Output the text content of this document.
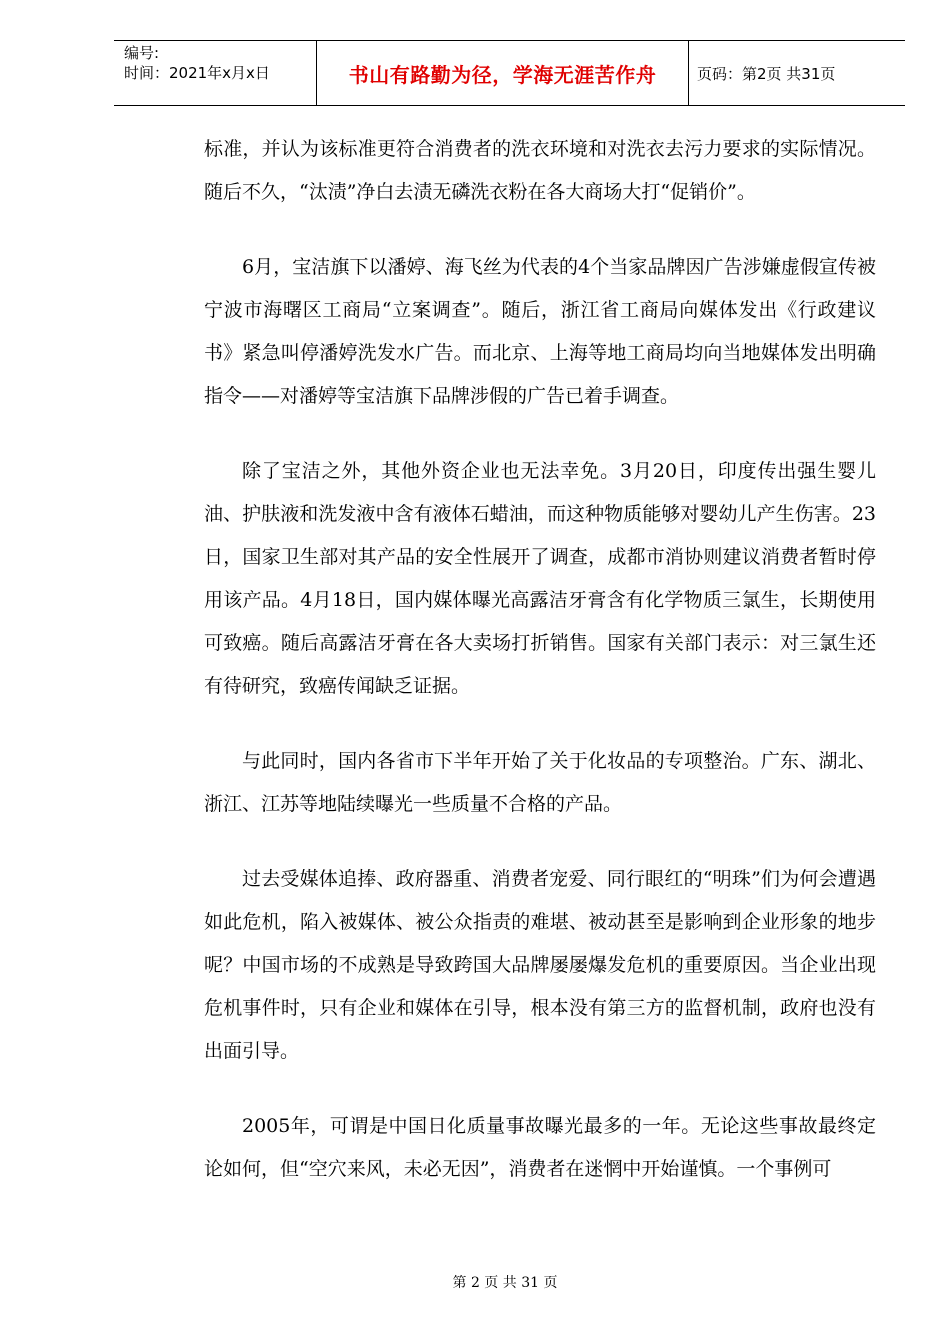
编号:
时间：2021年x月x日	书山有路勤为径，学海无涯苦作舟	页码：第2页 共31页

标准，并认为该标准更符合消费者的洗衣环境和对洗衣去污力要求的实际情况。随后不久，“汰渍”净白去渍无磷洗衣粉在各大商场大打“促销价”。

6月，宝洁旗下以潘婷、海飞丝为代表的4个当家品牌因广告涉嫌虚假宣传被宁波市海曙区工商局“立案调查”。随后，浙江省工商局向媒体发出《行政建议书》紧急叫停潘婷洗发水广告。而北京、上海等地工商局均向当地媒体发出明确指令——对潘婷等宝洁旗下品牌涉假的广告已着手调查。

除了宝洁之外，其他外资企业也无法幸免。3月20日，印度传出强生婴儿油、护肤液和洗发液中含有液体石蜡油，而这种物质能够对婴幼儿产生伤害。23日，国家卫生部对其产品的安全性展开了调查，成都市消协则建议消费者暂时停用该产品。4月18日，国内媒体曝光高露洁牙膏含有化学物质三氯生，长期使用可致癌。随后高露洁牙膏在各大卖场打折销售。国家有关部门表示：对三氯生还有待研究，致癌传闻缺乏证据。

与此同时，国内各省市下半年开始了关于化妆品的专项整治。广东、湖北、浙江、江苏等地陆续曝光一些质量不合格的产品。

过去受媒体追捧、政府器重、消费者宠爱、同行眼红的“明珠”们为何会遭遇如此危机，陷入被媒体、被公众指责的难堪、被动甚至是影响到企业形象的地步呢？中国市场的不成熟是导致跨国大品牌屡屡爆发危机的重要原因。当企业出现危机事件时，只有企业和媒体在引导，根本没有第三方的监督机制，政府也没有出面引导。

2005年，可谓是中国日化质量事故曝光最多的一年。无论这些事故最终定论如何，但“空穴来风，未必无因”，消费者在迷惘中开始谨慎。一个事例可

第 2 页 共 31 页
